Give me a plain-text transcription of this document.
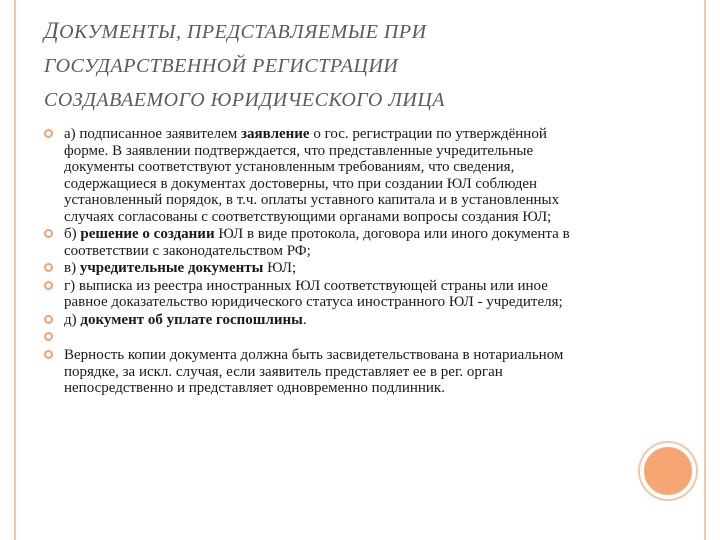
ДОКУМЕНТЫ, ПРЕДСТАВЛЯЕМЫЕ ПРИ
ГОСУДАРСТВЕННОЙ РЕГИСТРАЦИИ
СОЗДАВАЕМОГО ЮРИДИЧЕСКОГО ЛИЦА
а) подписанное заявителем заявление о гос. регистрации по утверждённой форме. В заявлении подтверждается, что представленные учредительные документы соответствуют установленным требованиям, что сведения, содержащиеся в документах достоверны, что при создании ЮЛ соблюден установленный порядок, в т.ч. оплаты уставного капитала и в установленных случаях согласованы с соответствующими органами вопросы создания ЮЛ;
б) решение о создании ЮЛ в виде протокола, договора или иного документа в соответствии с законодательством РФ;
в) учредительные документы ЮЛ;
г) выписка из реестра иностранных ЮЛ соответствующей страны или иное равное доказательство юридического статуса иностранного ЮЛ - учредителя;
д) документ об уплате госпошлины.
Верность копии документа должна быть засвидетельствована в нотариальном порядке, за искл. случая, если заявитель представляет ее в рег. орган непосредственно и представляет одновременно подлинник.
